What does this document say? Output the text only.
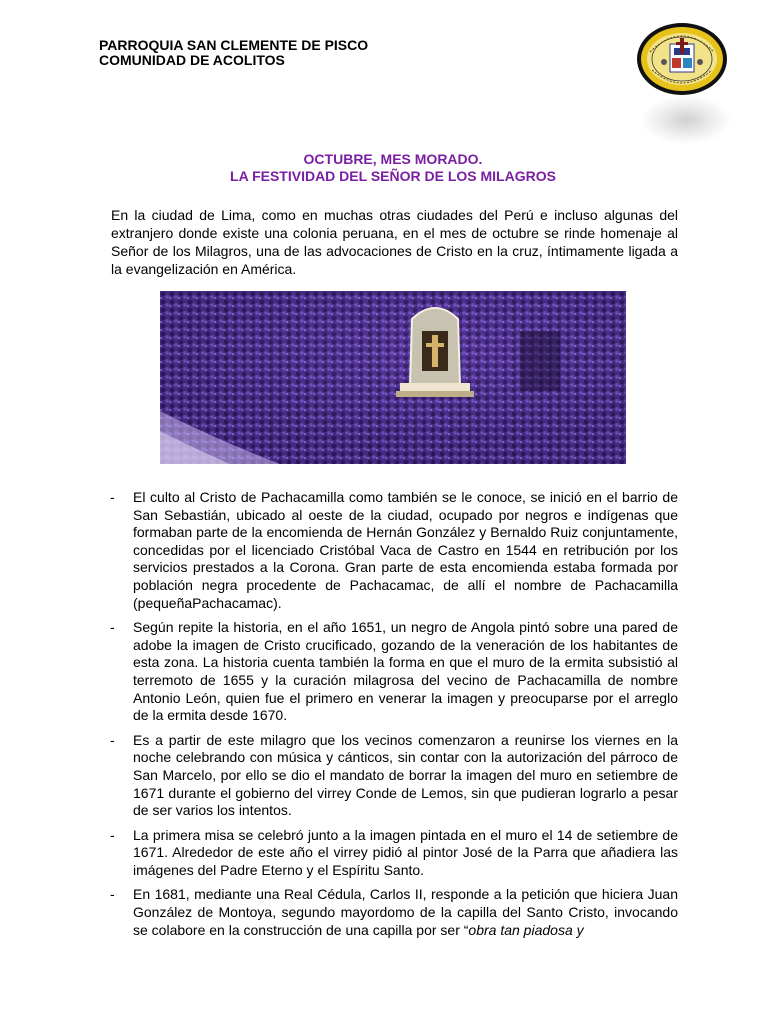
PARROQUIA SAN CLEMENTE DE PISCO
COMUNIDAD DE ACOLITOS
OCTUBRE, MES MORADO.
LA FESTIVIDAD DEL SEÑOR DE LOS MILAGROS
En la ciudad de Lima, como en muchas otras ciudades del Perú e incluso algunas del extranjero donde existe una colonia peruana, en el mes de octubre se rinde homenaje al Señor de los Milagros, una de las advocaciones de Cristo en la cruz, íntimamente ligada a la evangelización en América.
- El culto al Cristo de Pachacamilla como también se le conoce, se inició en el barrio de San Sebastián, ubicado al oeste de la ciudad, ocupado por negros e indígenas que formaban parte de la encomienda de Hernán González y Bernaldo Ruiz conjuntamente, concedidas por el licenciado Cristóbal Vaca de Castro en 1544 en retribución por los servicios prestados a la Corona. Gran parte de esta encomienda estaba formada por población negra procedente de Pachacamac, de allí el nombre de Pachacamilla (pequeñaPachacamac).
- Según repite la historia, en el año 1651, un negro de Angola pintó sobre una pared de adobe la imagen de Cristo crucificado, gozando de la veneración de los habitantes de esta zona. La historia cuenta también la forma en que el muro de la ermita subsistió al terremoto de 1655 y la curación milagrosa del vecino de Pachacamilla de nombre Antonio León, quien fue el primero en venerar la imagen y preocuparse por el arreglo de la ermita desde 1670.
- Es a partir de este milagro que los vecinos comenzaron a reunirse los viernes en la noche celebrando con música y cánticos, sin contar con la autorización del párroco de San Marcelo, por ello se dio el mandato de borrar la imagen del muro en setiembre de 1671 durante el gobierno del virrey Conde de Lemos, sin que pudieran lograrlo a pesar de ser varios los intentos.
- La primera misa se celebró junto a la imagen pintada en el muro el 14 de setiembre de 1671. Alrededor de este año el virrey pidió al pintor José de la Parra que añadiera las imágenes del Padre Eterno y el Espíritu Santo.
- En 1681, mediante una Real Cédula, Carlos II, responde a la petición que hiciera Juan González de Montoya, segundo mayordomo de la capilla del Santo Cristo, invocando se colabore en la construcción de una capilla por ser “obra tan piadosa y
